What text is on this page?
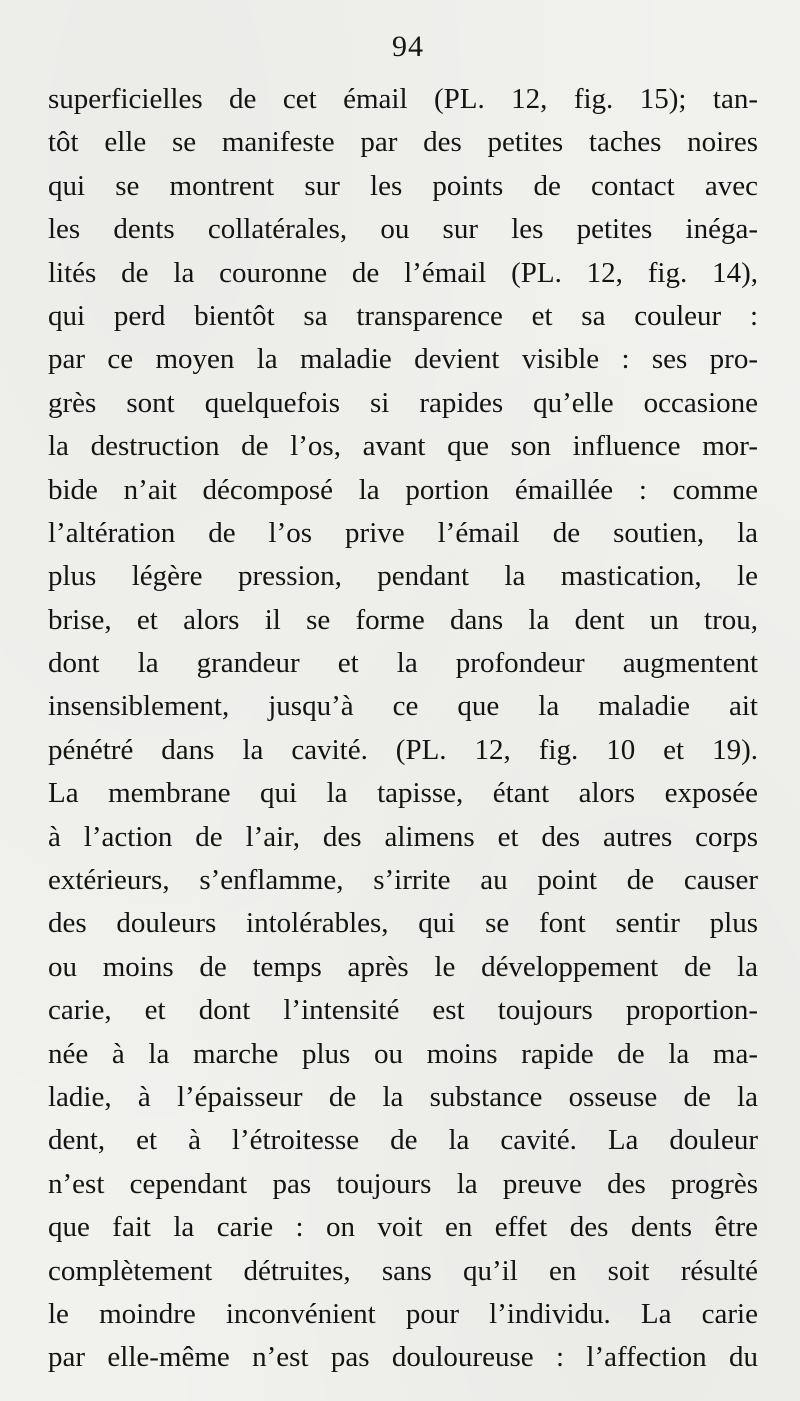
94
superficielles de cet émail (PL. 12, fig. 15); tan-
tôt elle se manifeste par des petites taches noires
qui se montrent sur les points de contact avec
les dents collatérales, ou sur les petites inéga-
lités de la couronne de l’émail (PL. 12, fig. 14),
qui perd bientôt sa transparence et sa couleur :
par ce moyen la maladie devient visible : ses pro-
grès sont quelquefois si rapides qu’elle occasione
la destruction de l’os, avant que son influence mor-
bide n’ait décomposé la portion émaillée : comme
l’altération de l’os prive l’émail de soutien, la
plus légère pression, pendant la mastication, le
brise, et alors il se forme dans la dent un trou,
dont la grandeur et la profondeur augmentent
insensiblement, jusqu’à ce que la maladie ait
pénétré dans la cavité. (PL. 12, fig. 10 et 19).
La membrane qui la tapisse, étant alors exposée
à l’action de l’air, des alimens et des autres corps
extérieurs, s’enflamme, s’irrite au point de causer
des douleurs intolérables, qui se font sentir plus
ou moins de temps après le développement de la
carie, et dont l’intensité est toujours proportion-
née à la marche plus ou moins rapide de la ma-
ladie, à l’épaisseur de la substance osseuse de la
dent, et à l’étroitesse de la cavité. La douleur
n’est cependant pas toujours la preuve des progrès
que fait la carie : on voit en effet des dents être
complètement détruites, sans qu’il en soit résulté
le moindre inconvénient pour l’individu. La carie
par elle-même n’est pas douloureuse : l’affection du
